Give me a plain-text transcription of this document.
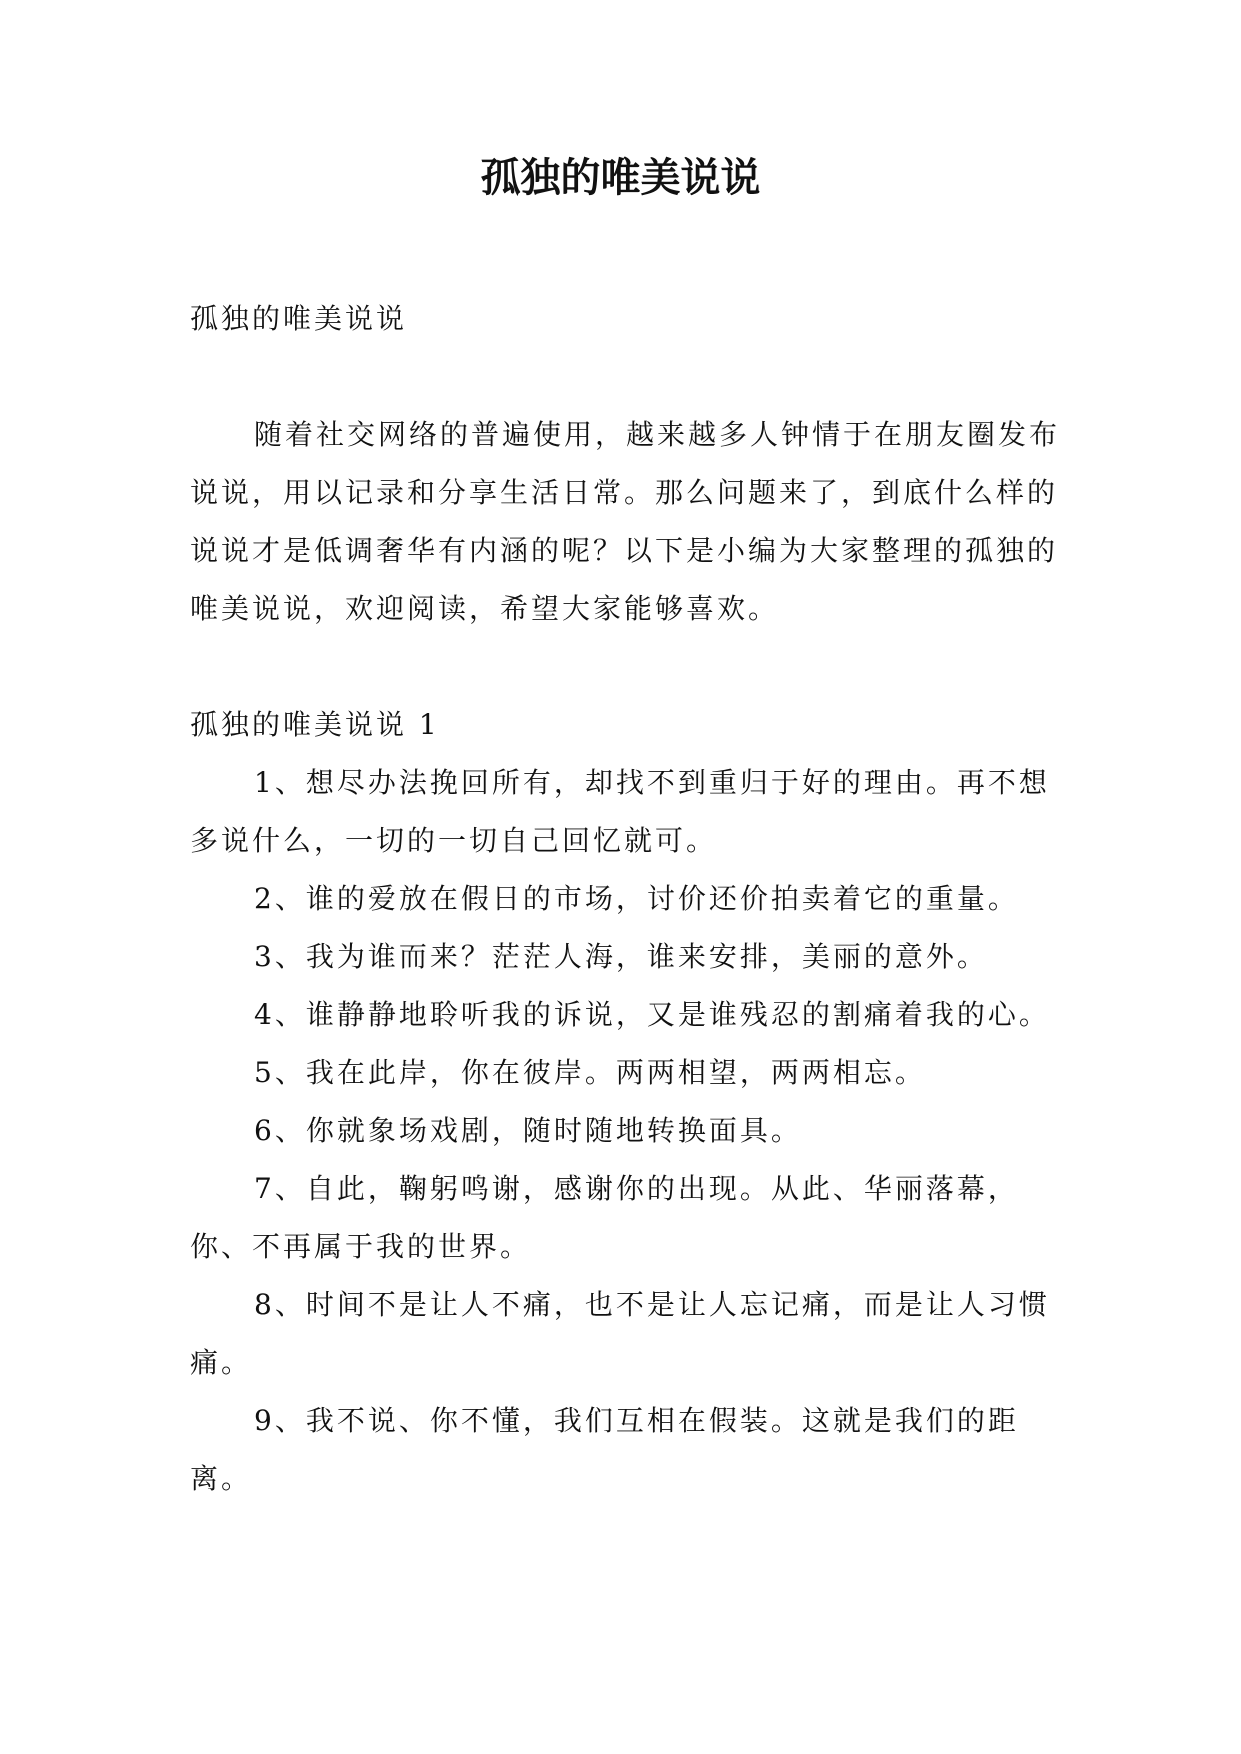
孤独的唯美说说

孤独的唯美说说

随着社交网络的普遍使用，越来越多人钟情于在朋友圈发布说说，用以记录和分享生活日常。那么问题来了，到底什么样的说说才是低调奢华有内涵的呢？以下是小编为大家整理的孤独的唯美说说，欢迎阅读，希望大家能够喜欢。

孤独的唯美说说 1

1、想尽办法挽回所有，却找不到重归于好的理由。再不想多说什么，一切的一切自己回忆就可。

2、谁的爱放在假日的市场，讨价还价拍卖着它的重量。

3、我为谁而来？茫茫人海，谁来安排，美丽的意外。

4、谁静静地聆听我的诉说，又是谁残忍的割痛着我的心。

5、我在此岸，你在彼岸。两两相望，两两相忘。

6、你就象场戏剧，随时随地转换面具。

7、自此，鞠躬鸣谢，感谢你的出现。从此、华丽落幕，你、不再属于我的世界。

8、时间不是让人不痛，也不是让人忘记痛，而是让人习惯痛。

9、我不说、你不懂，我们互相在假装。这就是我们的距离。
